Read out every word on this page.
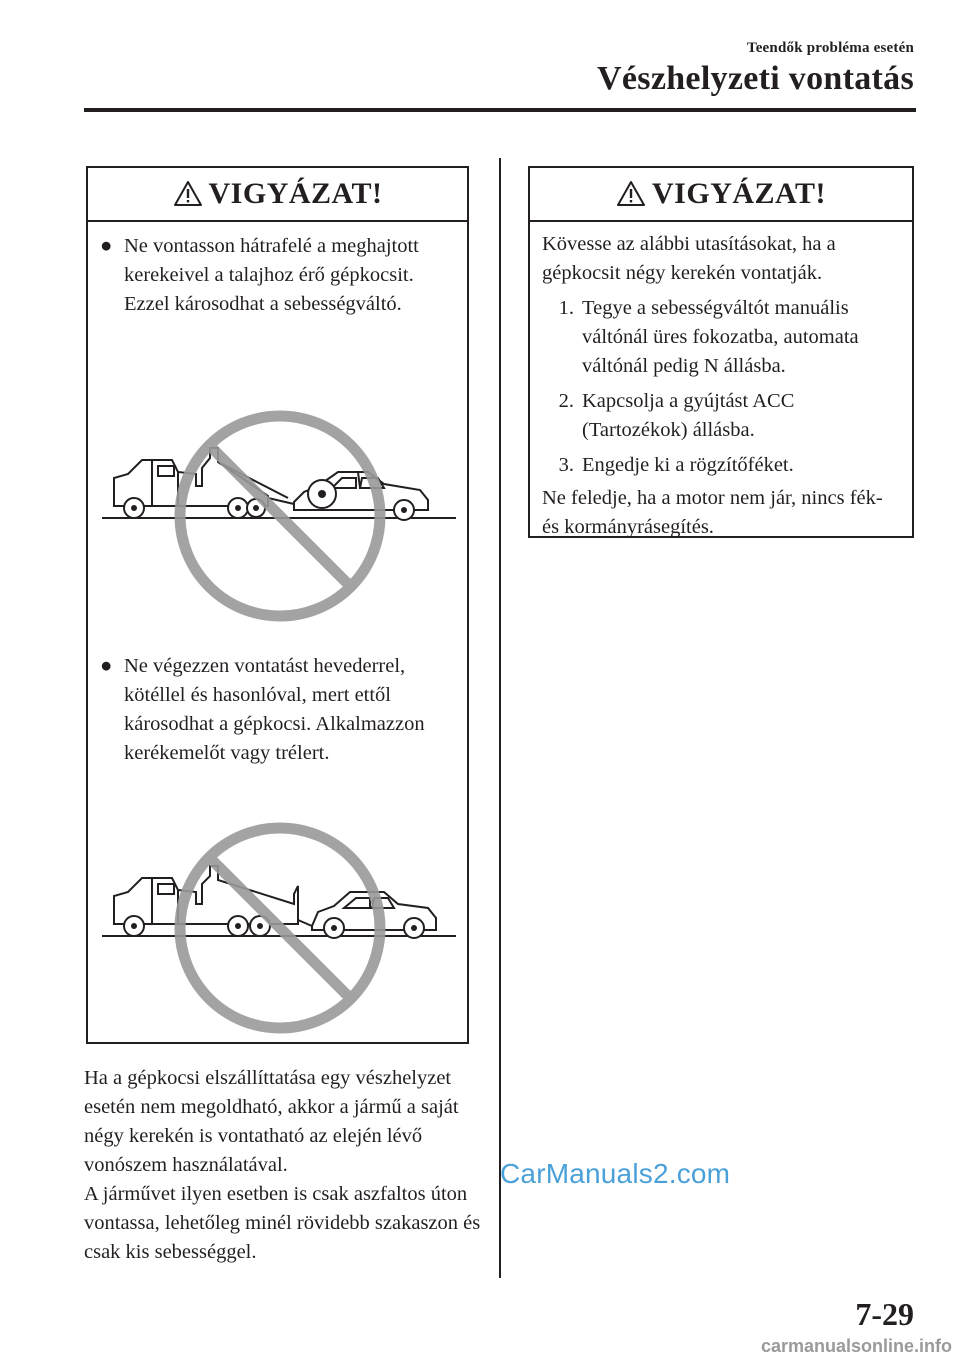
Teendők probléma esetén
Vészhelyzeti vontatás
VIGYÁZAT!
● Ne vontasson hátrafelé a meghajtott kerekeivel a talajhoz érő gépkocsit. Ezzel károsodhat a sebességváltó.
● Ne végezzen vontatást hevederrel, kötéllel és hasonlóval, mert ettől károsodhat a gépkocsi. Alkalmazzon kerékemelőt vagy trélert.

Ha a gépkocsi elszállíttatása egy vészhelyzet esetén nem megoldható, akkor a jármű a saját négy kerekén is vontatható az elején lévő vonószem használatával.

A járművet ilyen esetben is csak aszfaltos úton vontassa, lehetőleg minél rövidebb szakaszon és csak kis sebességgel.

VIGYÁZAT!

Kövesse az alábbi utasításokat, ha a gépkocsit négy kerekén vontatják.

1. Tegye a sebességváltót manuális váltónál üres fokozatba, automata váltónál pedig N állásba.
2. Kapcsolja a gyújtást ACC (Tartozékok) állásba.
3. Engedje ki a rögzítőféket.

Ne feledje, ha a motor nem jár, nincs fék- és kormányrásegítés.

CarManuals2.com
7-29
carmanualsonline.info
